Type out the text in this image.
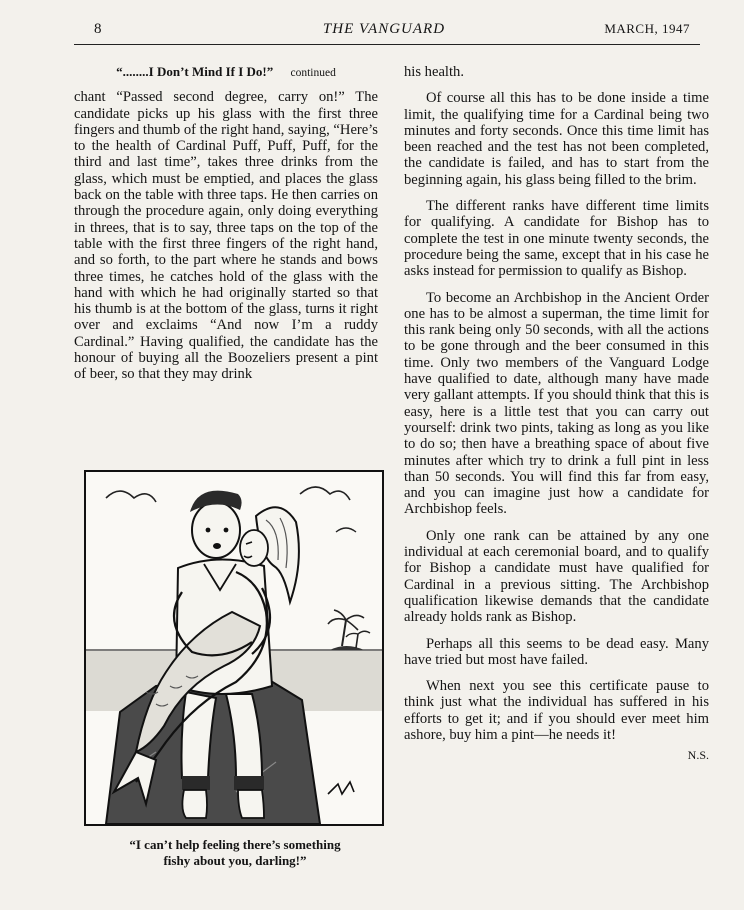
8	THE VANGUARD	MARCH, 1947

“........I Don’t Mind If I Do!” continued

chant “Passed second degree, carry on!” The candidate picks up his glass with the first three fingers and thumb of the right hand, saying, “Here’s to the health of Cardinal Puff, Puff, Puff, for the third and last time”, takes three drinks from the glass, which must be emptied, and places the glass back on the table with three taps. He then carries on through the procedure again, only doing everything in threes, that is to say, three taps on the top of the table with the first three fingers of the right hand, and so forth, to the part where he stands and bows three times, he catches hold of the glass with the hand with which he had originally started so that his thumb is at the bottom of the glass, turns it right over and exclaims “And now I’m a ruddy Cardinal.” Having qualified, the candidate has the honour of buying all the Boozeliers present a pint of beer, so that they may drink

his health.

Of course all this has to be done inside a time limit, the qualifying time for a Cardinal being two minutes and forty seconds. Once this time limit has been reached and the test has not been completed, the candidate is failed, and has to start from the beginning again, his glass being filled to the brim.

The different ranks have different time limits for qualifying. A candidate for Bishop has to complete the test in one minute twenty seconds, the procedure being the same, except that in his case he asks instead for permission to qualify as Bishop.

To become an Archbishop in the Ancient Order one has to be almost a superman, the time limit for this rank being only 50 seconds, with all the actions to be gone through and the beer consumed in this time. Only two members of the Vanguard Lodge have qualified to date, although many have made very gallant attempts. If you should think that this is easy, here is a little test that you can carry out yourself: drink two pints, taking as long as you like to do so; then have a breathing space of about five minutes after which try to drink a full pint in less than 50 seconds. You will find this far from easy, and you can imagine just how a candidate for Archbishop feels.

Only one rank can be attained by any one individual at each ceremonial board, and to qualify for Bishop a candidate must have qualified for Cardinal in a previous sitting. The Archbishop qualification likewise demands that the candidate already holds rank as Bishop.

Perhaps all this seems to be dead easy. Many have tried but most have failed.

When next you see this certificate pause to think just what the individual has suffered in his efforts to get it; and if you should ever meet him ashore, buy him a pint—he needs it!

N.S.

“I can’t help feeling there’s something
fishy about you, darling!”
